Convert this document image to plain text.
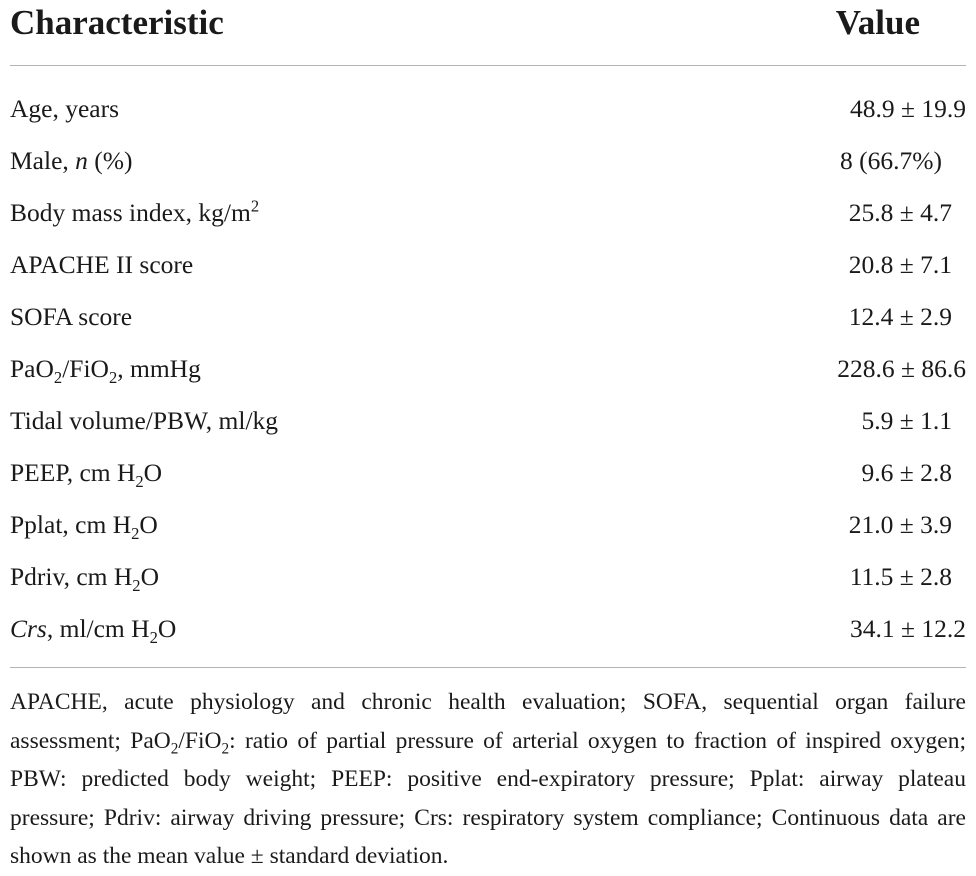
Characteristic	Value
Age, years	48.9 ± 19.9
Male, n (%)	8 (66.7%)
Body mass index, $kg/m^2$	25.8 ± 4.7
APACHE II score	20.8 ± 7.1
SOFA score	12.4 ± 2.9
PaO$_2$/FiO$_2$, mmHg	228.6 ± 86.6
Tidal volume/PBW, ml/kg	5.9 ± 1.1
PEEP, cm $H_2O$	9.6 ± 2.8
Pplat, cm $H_2O$	21.0 ± 3.9
Pdriv, cm $H_2O$	11.5 ± 2.8
Crs, ml/cm $H_2O$	34.1 ± 12.2
APACHE, acute physiology and chronic health evaluation; SOFA, sequential organ failure assessment; PaO$_2$/FiO$_2$: ratio of partial pressure of arterial oxygen to fraction of inspired oxygen; PBW: predicted body weight; PEEP: positive end-expiratory pressure; Pplat: airway plateau pressure; Pdriv: airway driving pressure; Crs: respiratory system compliance; Continuous data are shown as the mean value ± standard deviation.
